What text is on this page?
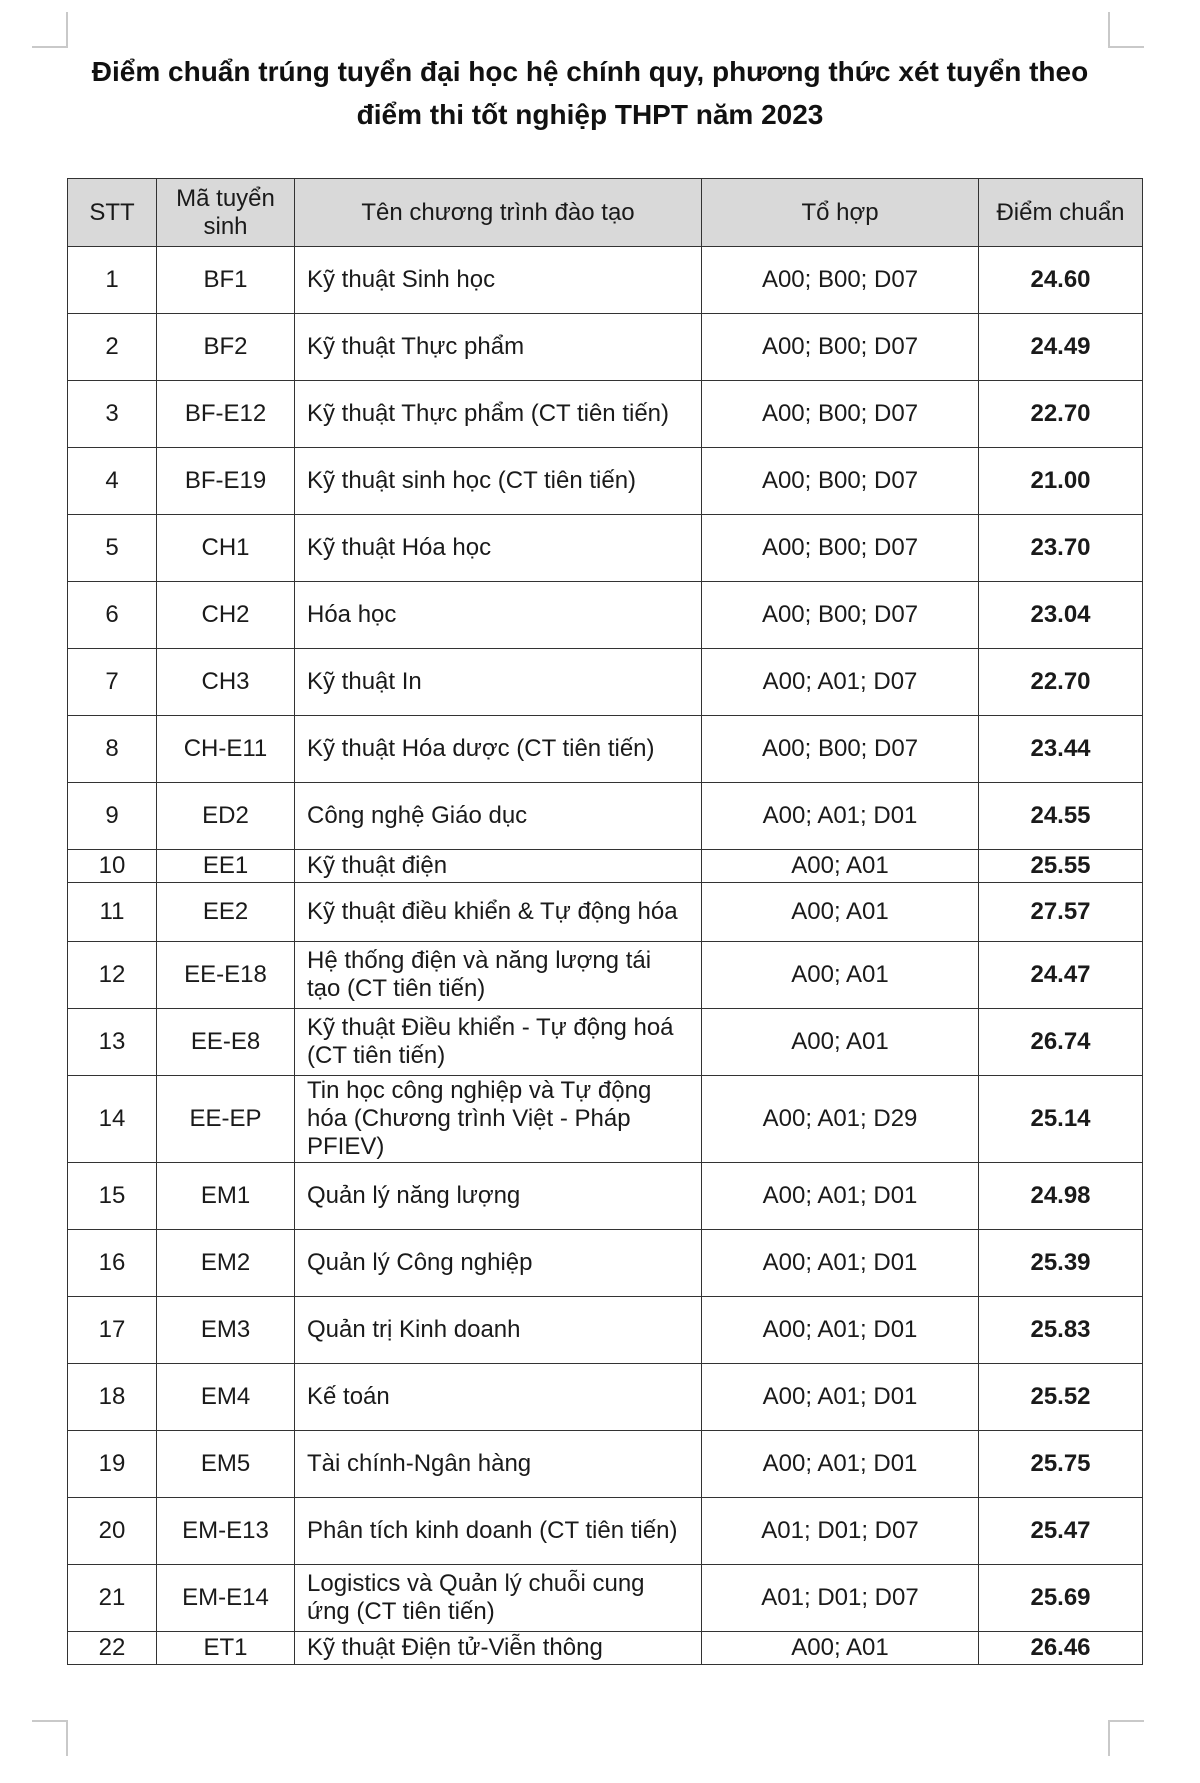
Điểm chuẩn trúng tuyển đại học hệ chính quy, phương thức xét tuyển theo
điểm thi tốt nghiệp THPT năm 2023
STT	Mã tuyển sinh	Tên chương trình đào tạo	Tổ hợp	Điểm chuẩn
1	BF1	Kỹ thuật Sinh học	A00; B00; D07	24.60
2	BF2	Kỹ thuật Thực phẩm	A00; B00; D07	24.49
3	BF-E12	Kỹ thuật Thực phẩm (CT tiên tiến)	A00; B00; D07	22.70
4	BF-E19	Kỹ thuật sinh học (CT tiên tiến)	A00; B00; D07	21.00
5	CH1	Kỹ thuật Hóa học	A00; B00; D07	23.70
6	CH2	Hóa học	A00; B00; D07	23.04
7	CH3	Kỹ thuật In	A00; A01; D07	22.70
8	CH-E11	Kỹ thuật Hóa dược (CT tiên tiến)	A00; B00; D07	23.44
9	ED2	Công nghệ Giáo dục	A00; A01; D01	24.55
10	EE1	Kỹ thuật điện	A00; A01	25.55
11	EE2	Kỹ thuật điều khiển & Tự động hóa	A00; A01	27.57
12	EE-E18	Hệ thống điện và năng lượng tái tạo (CT tiên tiến)	A00; A01	24.47
13	EE-E8	Kỹ thuật Điều khiển - Tự động hoá (CT tiên tiến)	A00; A01	26.74
14	EE-EP	Tin học công nghiệp và Tự động hóa (Chương trình Việt - Pháp PFIEV)	A00; A01; D29	25.14
15	EM1	Quản lý năng lượng	A00; A01; D01	24.98
16	EM2	Quản lý Công nghiệp	A00; A01; D01	25.39
17	EM3	Quản trị Kinh doanh	A00; A01; D01	25.83
18	EM4	Kế toán	A00; A01; D01	25.52
19	EM5	Tài chính-Ngân hàng	A00; A01; D01	25.75
20	EM-E13	Phân tích kinh doanh (CT tiên tiến)	A01; D01; D07	25.47
21	EM-E14	Logistics và Quản lý chuỗi cung ứng (CT tiên tiến)	A01; D01; D07	25.69
22	ET1	Kỹ thuật Điện tử-Viễn thông	A00; A01	26.46
